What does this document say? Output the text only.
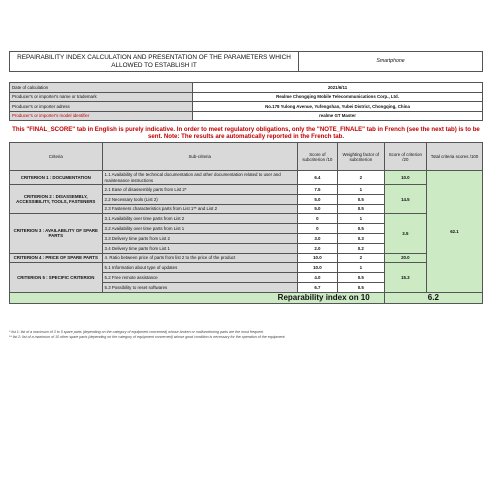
REPAIRABILITY INDEX CALCULATION AND PRESENTATION OF THE PARAMETERS WHICH ALLOWED TO ESTABLISH IT
Smartphone
Date of calculation	2021/6/11
Producer's or importer's name or trademark	Realme Chongqing Mobile Telecommunications Corp., Ltd.
Producer's or importer adress	No.178 Yulong Avenue, Yufengshan, Yubei District, Chongqing, China
Producer's or importer's model identifier	realme GT Master
This "FINAL_SCORE" tab in English is purely indicative. In order to meet regulatory obligations, only the "NOTE_FINALE" tab in French (see the next tab) is to be sent. Note: The results are automatically reported in the French tab.
Criteria	Sub-criteria	Score of subcriterion /10	Weighting factor of subcriterion	Score of criterion /20	Total criteria scores /100
CRITERION 1 : DOCUMENTATION	1.1 Availability of the technical documentation and other documentation related to user and maintenance instructions	6.4	2	10.0	62.1
CRITERION 2 : DISASSEMBLY, ACCESSIBILITY, TOOLS, FASTENERS	2.1 Ease of disassembly parts from List 2*	7.5	1	14.5	
	2.2 Necessary tools (List 2)	5.0	0.5		
	2.3 Fasteners characteristics parts from List 1** and List 2	5.0	0.5		
CRITERION 3 : AVAILABILITY OF SPARE PARTS	3.1 Availability over time parts from List 2	0	1	3.5	
	3.2 Availability over time parts from List 1	0	0.5		
	3.3 Delivery time parts from List 2	3.0	0.3		
	3.4 Delivery time parts from List 1	2.0	0.2		
CRITERION 4 : PRICE OF SPARE PARTS	4. Ratio between price of parts from list 2 to the price of the product	10.0	2	20.0	
CRITERION 5 : SPECIFIC CRITERION	5.1 Information about type of updates	10.0	1	15.3	
	5.2 Free remote assistance	4.0	0.5		
	5.3 Possibility to reset softwares	6.7	0.5		
Reparability index on 10				6.2	
* list 1: list of a maximum of 3 to 5 spare parts (depending on the category of equipment concerned) whose broken or malfunctioning parts are the most frequent
** list 2: list of a maximum of 10 other spare parts (depending on the category of equipment concerned) whose good condition is necessary for the operation of the equipment.
